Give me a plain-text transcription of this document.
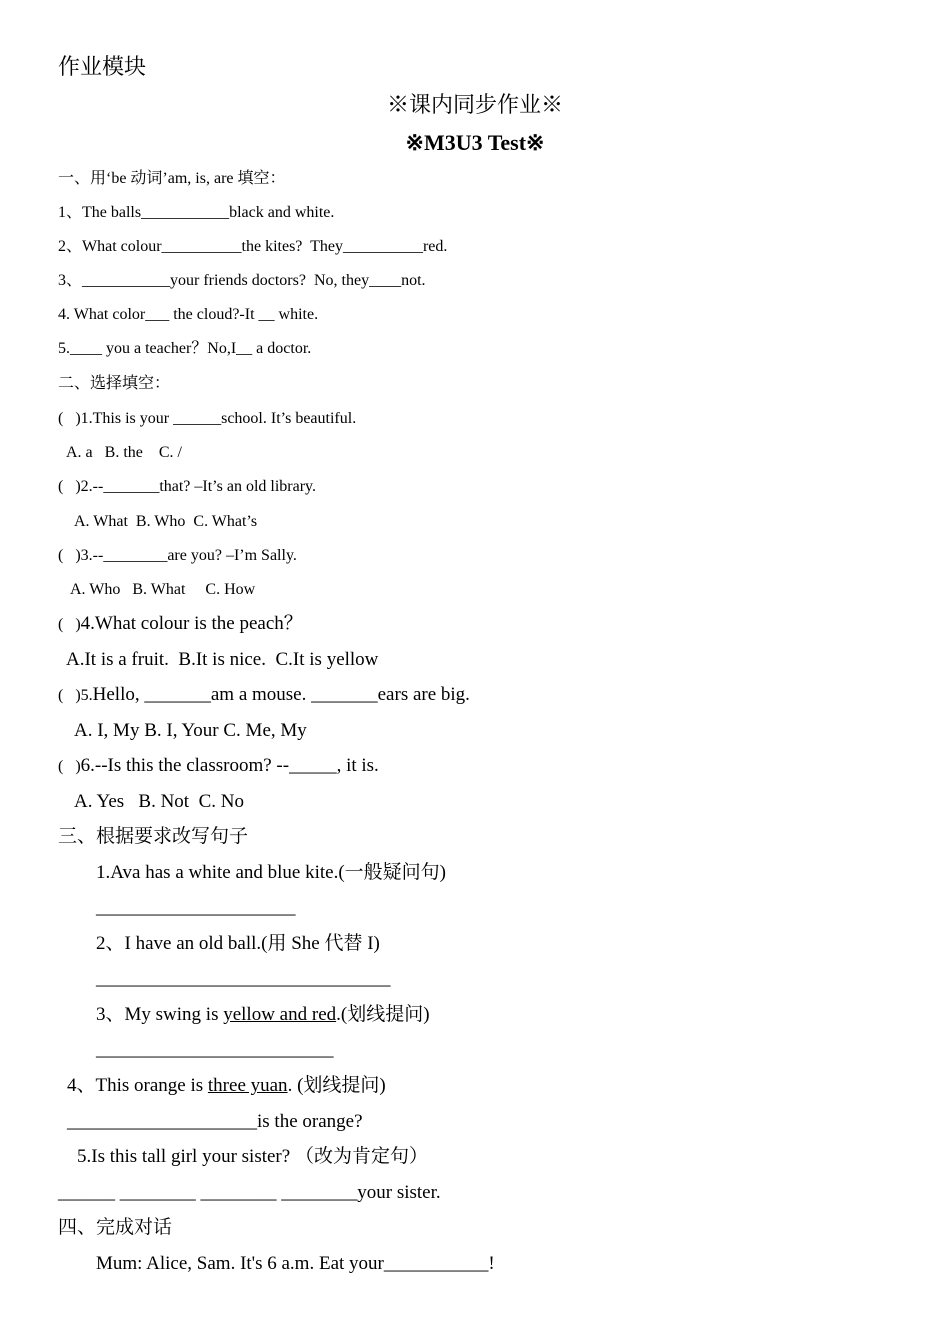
作业模块
※课内同步作业※
※M3U3 Test※
一、用‘be 动词’am, is, are 填空：
1、The balls___________black and white.
2、What colour__________the kites?  They__________red.
3、___________your friends doctors?  No, they____not.
4. What color___ the cloud?-It __ white.
5.____ you a teacher？No,I__ a doctor.
二、选择填空：
(   )1.This is your ______school. It’s beautiful.
A. a   B. the    C. /
(   )2.--_______that? –It’s an old library.
A. What  B. Who  C. What’s
(   )3.--________are you? –I’m Sally.
A. Who   B. What     C. How
(   )4.What colour is the peach？
A.It is a fruit.  B.It is nice.  C.It is yellow
(   )5.Hello, _______am a mouse. _______ears are big.
A. I, My B. I, Your C. Me, My
(   )6.--Is this the classroom? --_____, it is.
A. Yes   B. Not  C. No
三、根据要求改写句子
1.Ava has a white and blue kite.(一般疑问句)
_____________________
2、I have an old ball.(用 She 代替 I)
_______________________________
3、My swing is yellow and red.(划线提问)
_________________________
4、This orange is three yuan. (划线提问)
____________________is the orange?
5.Is this tall girl your sister? （改为肯定句）
______ ________ ________ ________your sister.
四、完成对话
Mum: Alice, Sam. It's 6 a.m. Eat your___________!
